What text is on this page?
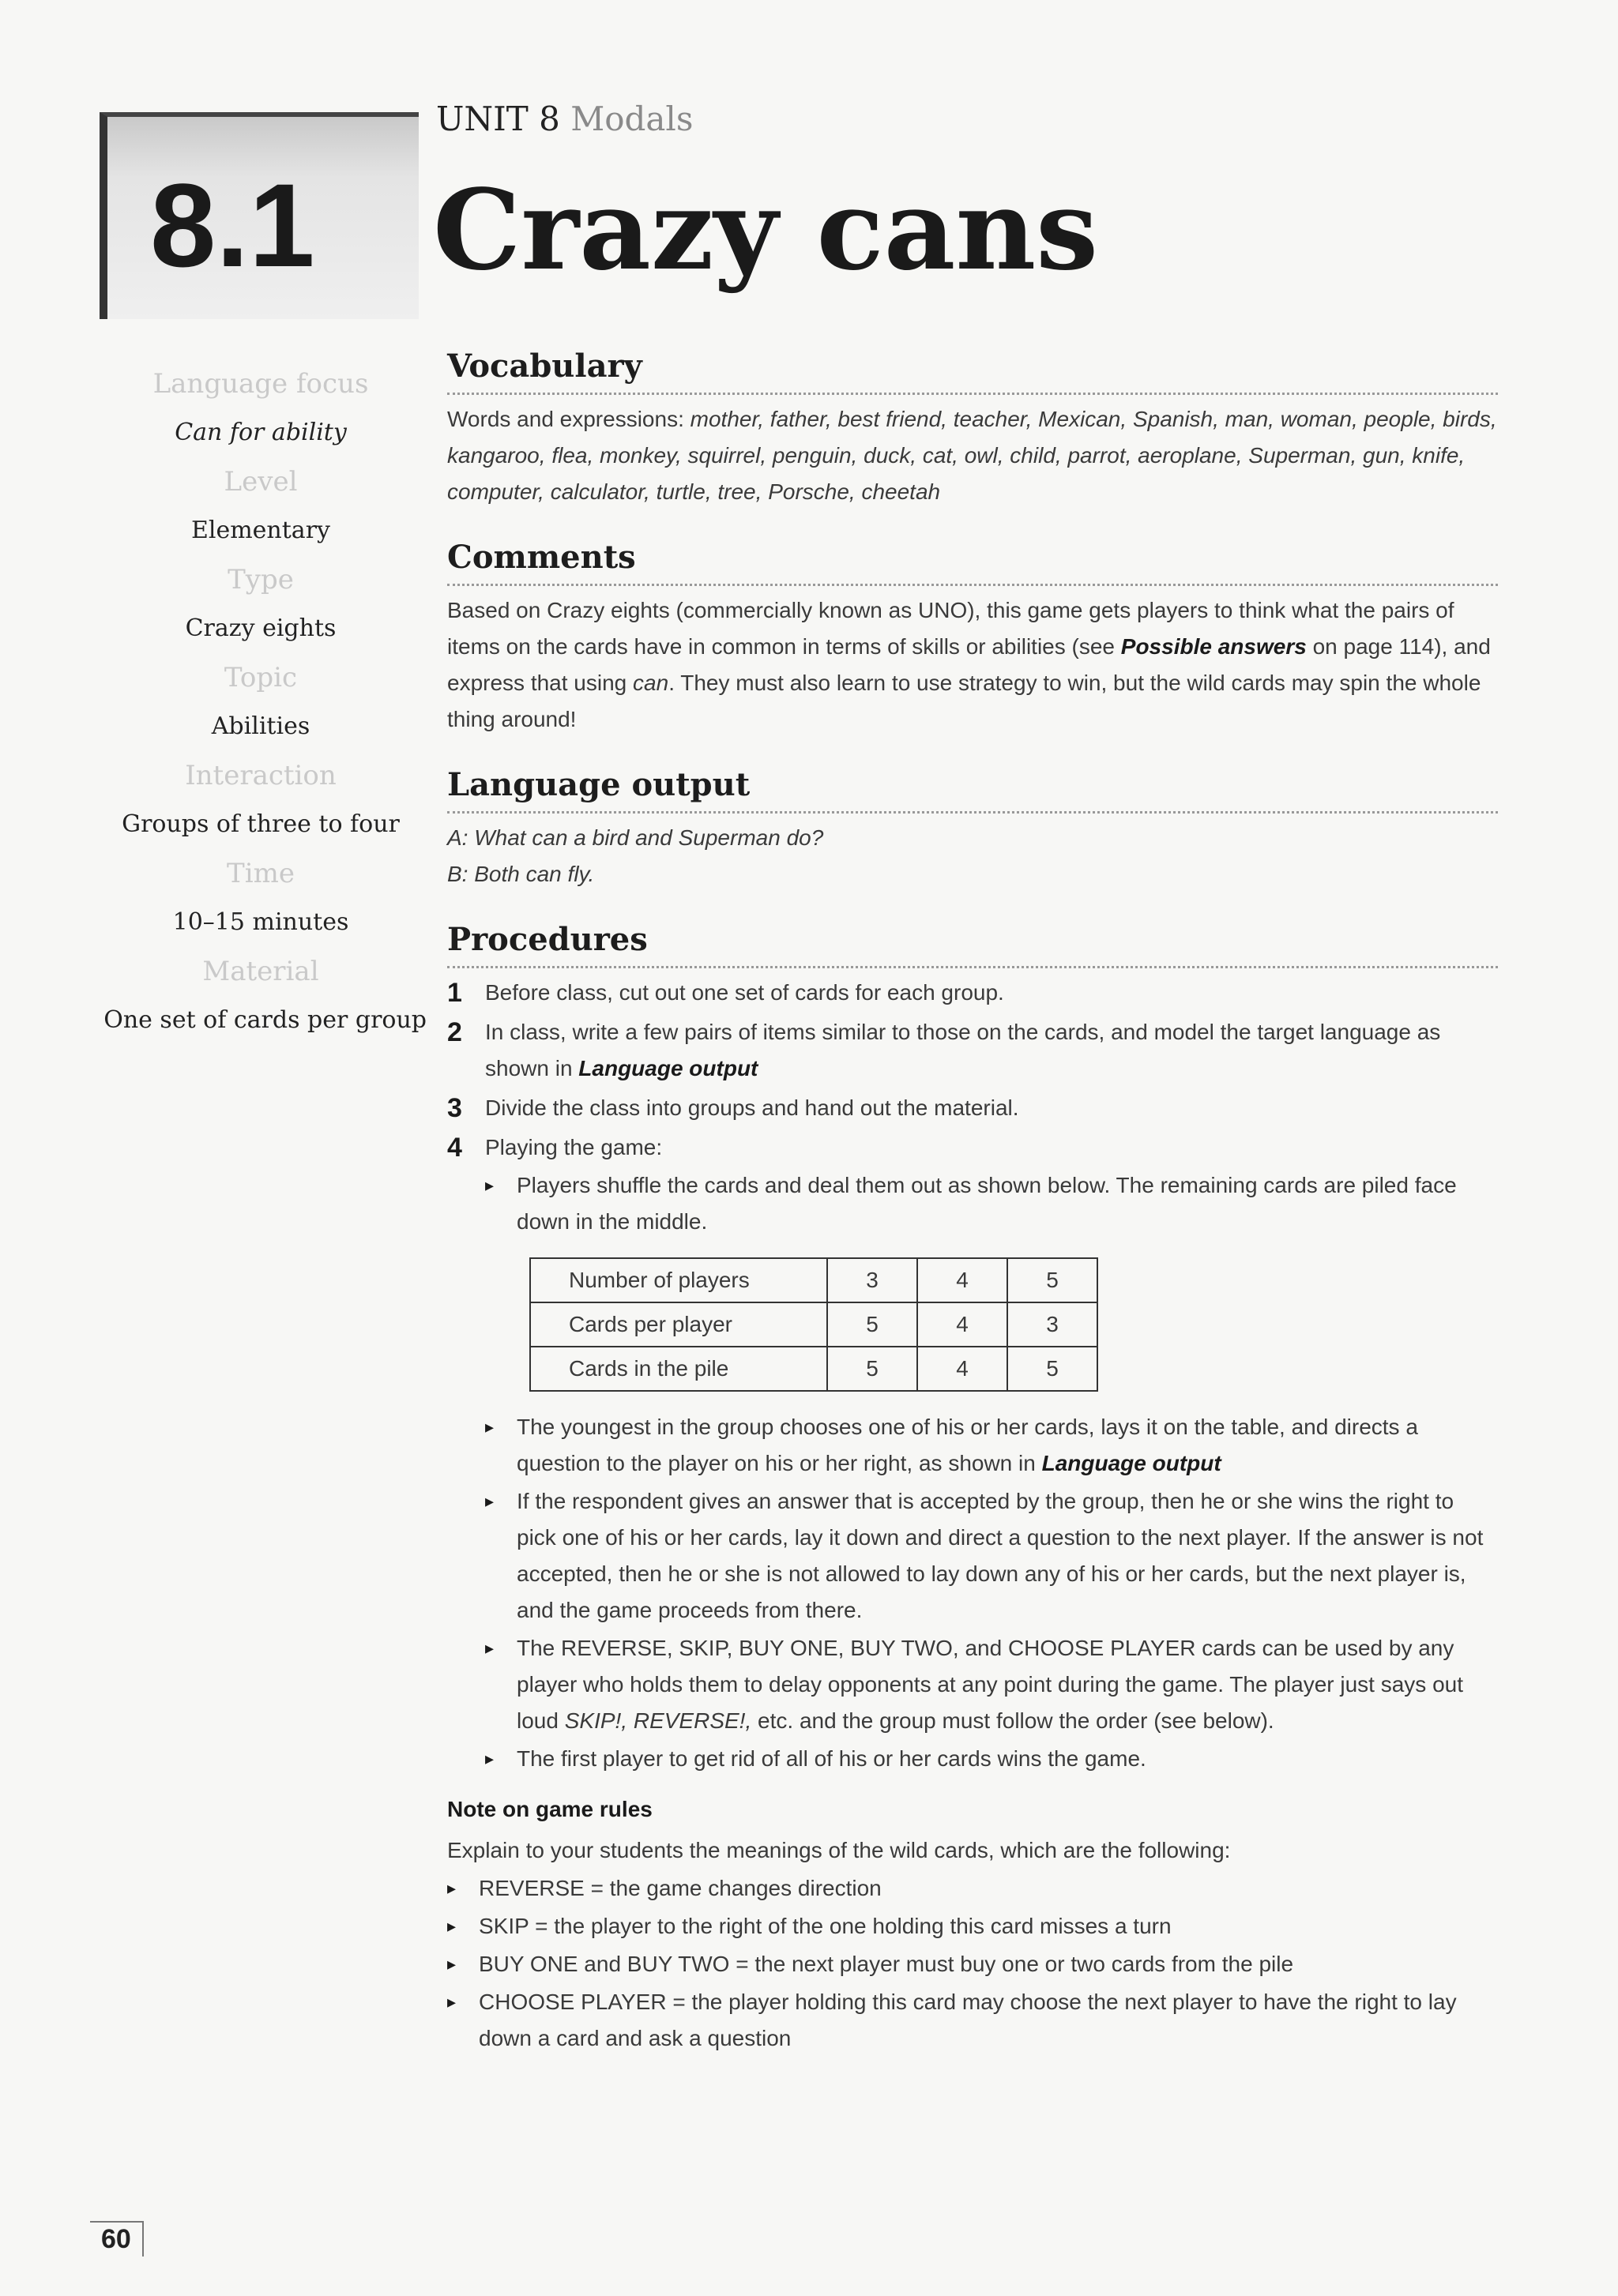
8.1
UNIT 8 Modals
Crazy cans
Language focus
Can for ability
Level
Elementary
Type
Crazy eights
Topic
Abilities
Interaction
Groups of three to four
Time
10–15 minutes
Material
One set of cards per group
Vocabulary

Words and expressions: mother, father, best friend, teacher, Mexican, Spanish, man, woman, people, birds, kangaroo, flea, monkey, squirrel, penguin, duck, cat, owl, child, parrot, aeroplane, Superman, gun, knife, computer, calculator, turtle, tree, Porsche, cheetah

Comments

Based on Crazy eights (commercially known as UNO), this game gets players to think what the pairs of items on the cards have in common in terms of skills or abilities (see Possible answers on page 114), and express that using can. They must also learn to use strategy to win, but the wild cards may spin the whole thing around!

Language output
A: What can a bird and Superman do?
B: Both can fly.
Procedures
1	Before class, cut out one set of cards for each group.
2	In class, write a few pairs of items similar to those on the cards, and model the target language as shown in Language output
3	Divide the class into groups and hand out the material.
4	Playing the game:
▸	Players shuffle the cards and deal them out as shown below. The remaining cards are piled face down in the middle.
Number of players	3	4	5
Cards per player	5	4	3
Cards in the pile	5	4	5
▸	The youngest in the group chooses one of his or her cards, lays it on the table, and directs a question to the player on his or her right, as shown in Language output
▸	If the respondent gives an answer that is accepted by the group, then he or she wins the right to pick one of his or her cards, lay it down and direct a question to the next player. If the answer is not accepted, then he or she is not allowed to lay down any of his or her cards, but the next player is, and the game proceeds from there.
▸	The REVERSE, SKIP, BUY ONE, BUY TWO, and CHOOSE PLAYER cards can be used by any player who holds them to delay opponents at any point during the game. The player just says out loud SKIP!, REVERSE!, etc. and the group must follow the order (see below).
▸	The first player to get rid of all of his or her cards wins the game.
Note on game rules
Explain to your students the meanings of the wild cards, which are the following:
▸	REVERSE = the game changes direction
▸	SKIP = the player to the right of the one holding this card misses a turn
▸	BUY ONE and BUY TWO = the next player must buy one or two cards from the pile
▸	CHOOSE PLAYER = the player holding this card may choose the next player to have the right to lay down a card and ask a question
60
